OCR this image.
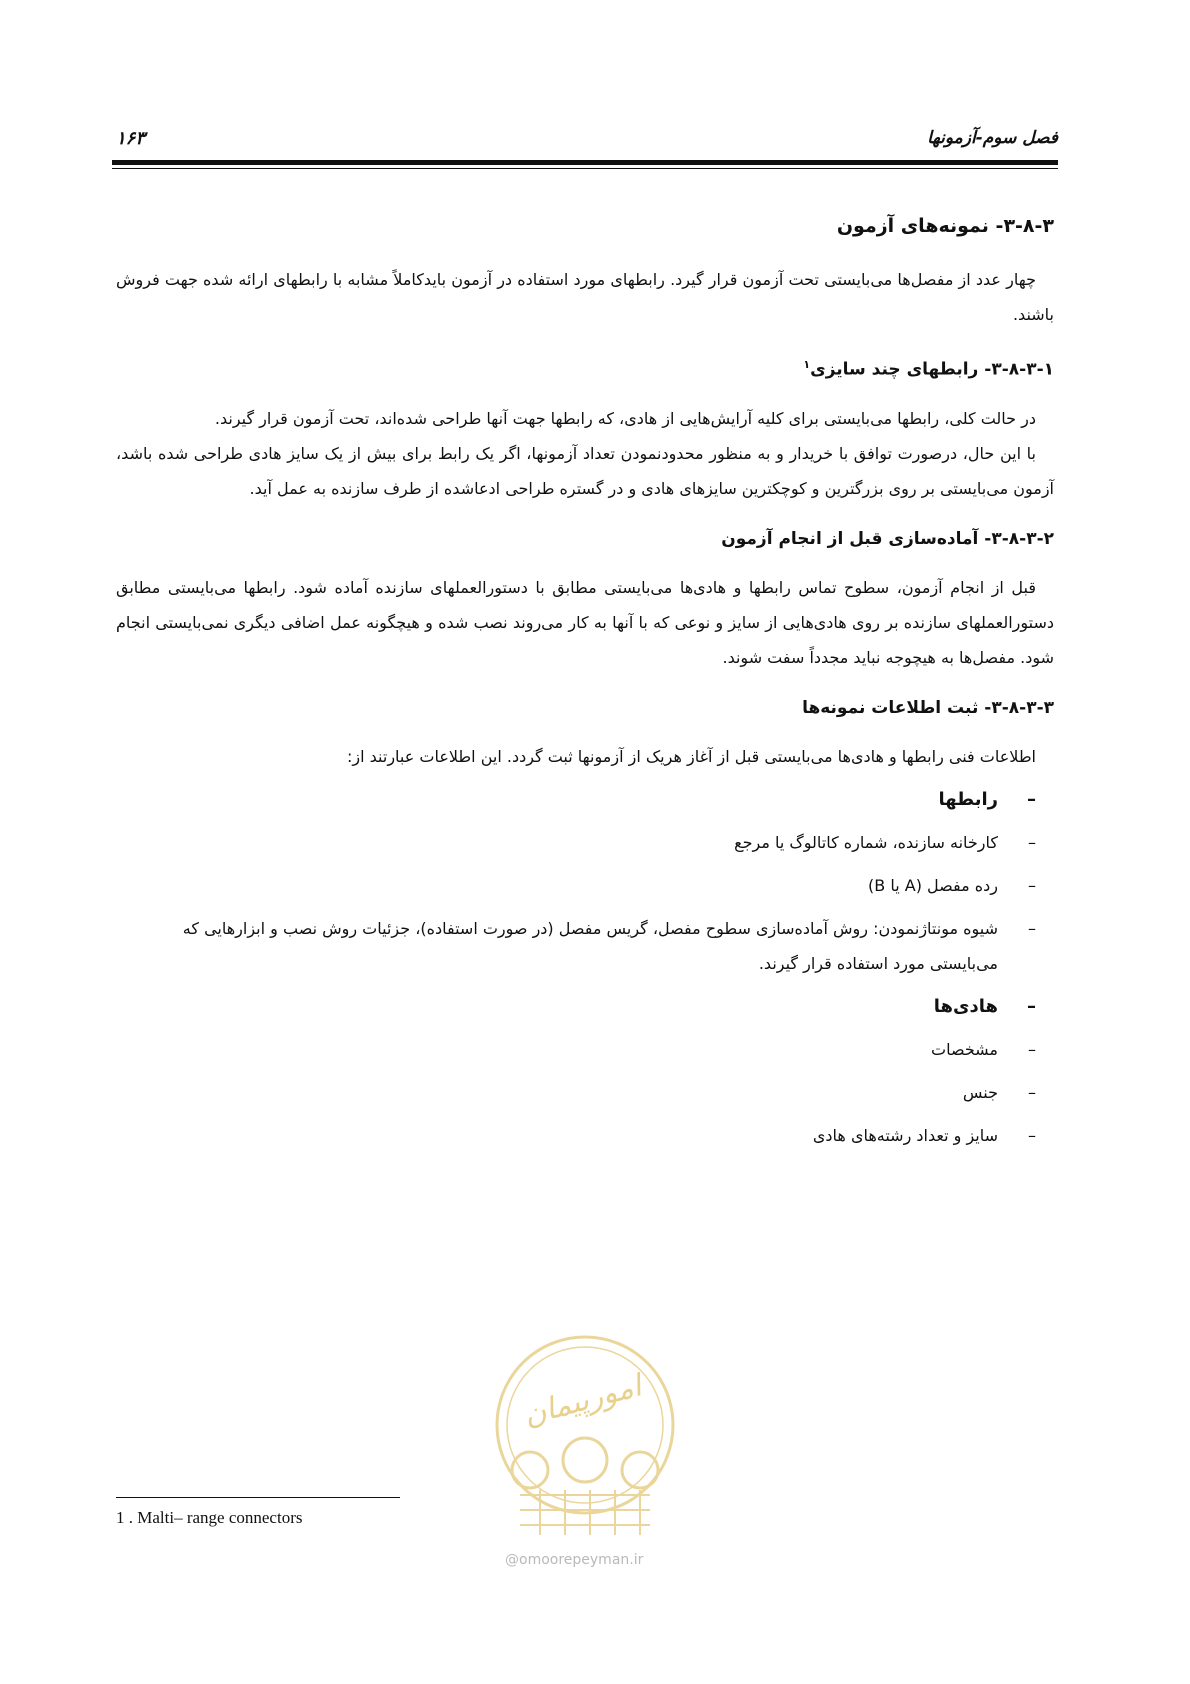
فصل سوم-آزمونها
۱۶۳
۳-۸-۳- نمونه‌های آزمون

چهار عدد از مفصل‌ها می‌بایستی تحت آزمون قرار گیرد. رابطهای مورد استفاده در آزمون بایدکاملاً مشابه با رابطهای ارائه شده جهت فروش باشند.

۳-۸-۳-۱- رابطهای چند سایزی$^۱$

در حالت کلی، رابطها می‌بایستی برای کلیه آرایش‌هایی از هادی، که رابطها جهت آنها طراحی شده‌اند، تحت آزمون قرار گیرند.

با این حال، درصورت توافق با خریدار و به منظور محدودنمودن تعداد آزمونها، اگر یک رابط برای بیش از یک سایز هادی طراحی شده باشد، آزمون می‌بایستی بر روی بزرگترین و کوچکترین سایزهای هادی و در گستره طراحی ادعاشده از طرف سازنده به عمل آید.

۳-۸-۳-۲- آماده‌سازی قبل از انجام آزمون

قبل از انجام آزمون، سطوح تماس رابطها و هادی‌ها می‌بایستی مطابق با دستورالعملهای سازنده آماده شود. رابطها می‌بایستی مطابق دستورالعملهای سازنده بر روی هادی‌هایی از سایز و نوعی که با آنها به کار می‌روند نصب شده و هیچگونه عمل اضافی دیگری نمی‌بایستی انجام شود. مفصل‌ها به هیچوجه نباید مجدداً سفت شوند.

۳-۸-۳-۳- ثبت اطلاعات نمونه‌ها

اطلاعات فنی رابطها و هادی‌ها می‌بایستی قبل از آغاز هریک از آزمونها ثبت گردد. این اطلاعات عبارتند از:

– رابطها
– کارخانه سازنده، شماره کاتالوگ یا مرجع
– رده مفصل (A یا B)
– شیوه مونتاژنمودن: روش آماده‌سازی سطوح مفصل، گریس مفصل (در صورت استفاده)، جزئیات روش نصب و ابزارهایی که می‌بایستی مورد استفاده قرار گیرند.
– هادی‌ها
– مشخصات
– جنس
– سایز و تعداد رشته‌های هادی
امورپیمان
@omoorepeyman.ir
1 . Malti– range connectors
